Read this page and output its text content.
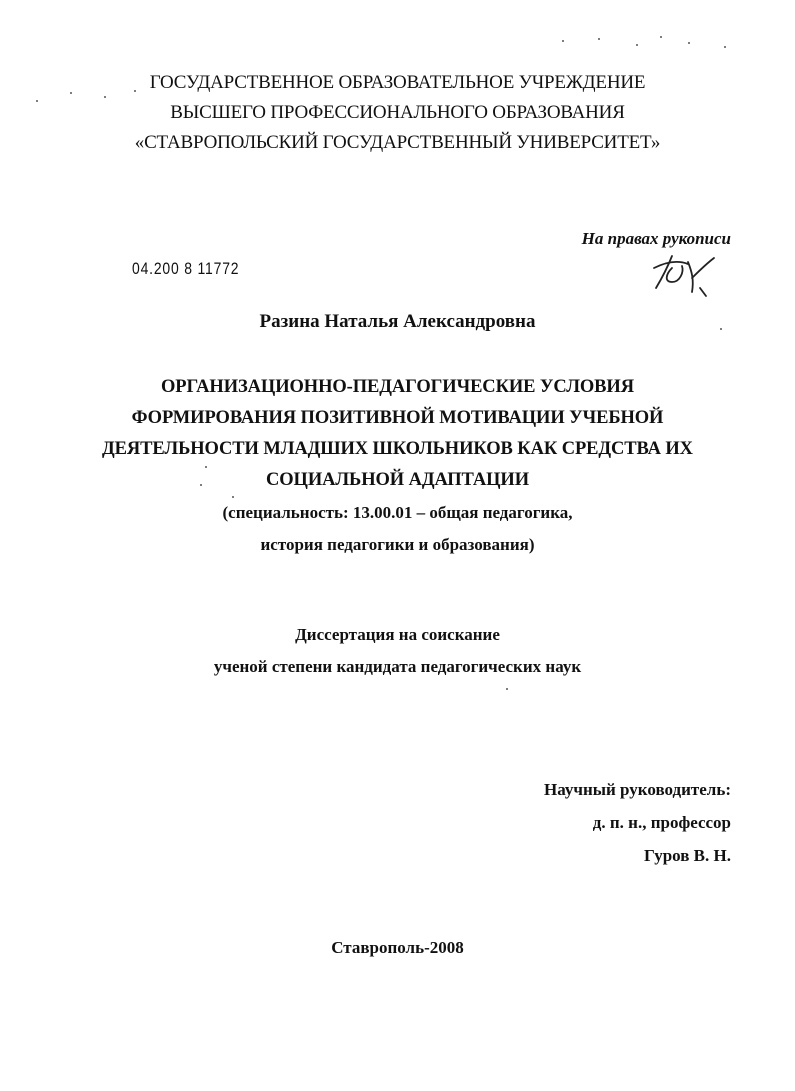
ГОСУДАРСТВЕННОЕ ОБРАЗОВАТЕЛЬНОЕ УЧРЕЖДЕНИЕ
ВЫСШЕГО ПРОФЕССИОНАЛЬНОГО ОБРАЗОВАНИЯ
«СТАВРОПОЛЬСКИЙ ГОСУДАРСТВЕННЫЙ УНИВЕРСИТЕТ»
На правах рукописи
04.200 8 11772
Разина Наталья Александровна
ОРГАНИЗАЦИОННО-ПЕДАГОГИЧЕСКИЕ УСЛОВИЯ
ФОРМИРОВАНИЯ ПОЗИТИВНОЙ МОТИВАЦИИ УЧЕБНОЙ
ДЕЯТЕЛЬНОСТИ МЛАДШИХ ШКОЛЬНИКОВ КАК СРЕДСТВА ИХ
СОЦИАЛЬНОЙ АДАПТАЦИИ
(специальность: 13.00.01 – общая педагогика,
история педагогики и образования)
Диссертация на соискание
ученой степени кандидата педагогических наук
Научный руководитель:
д. п. н., профессор
Гуров В. Н.
Ставрополь-2008
